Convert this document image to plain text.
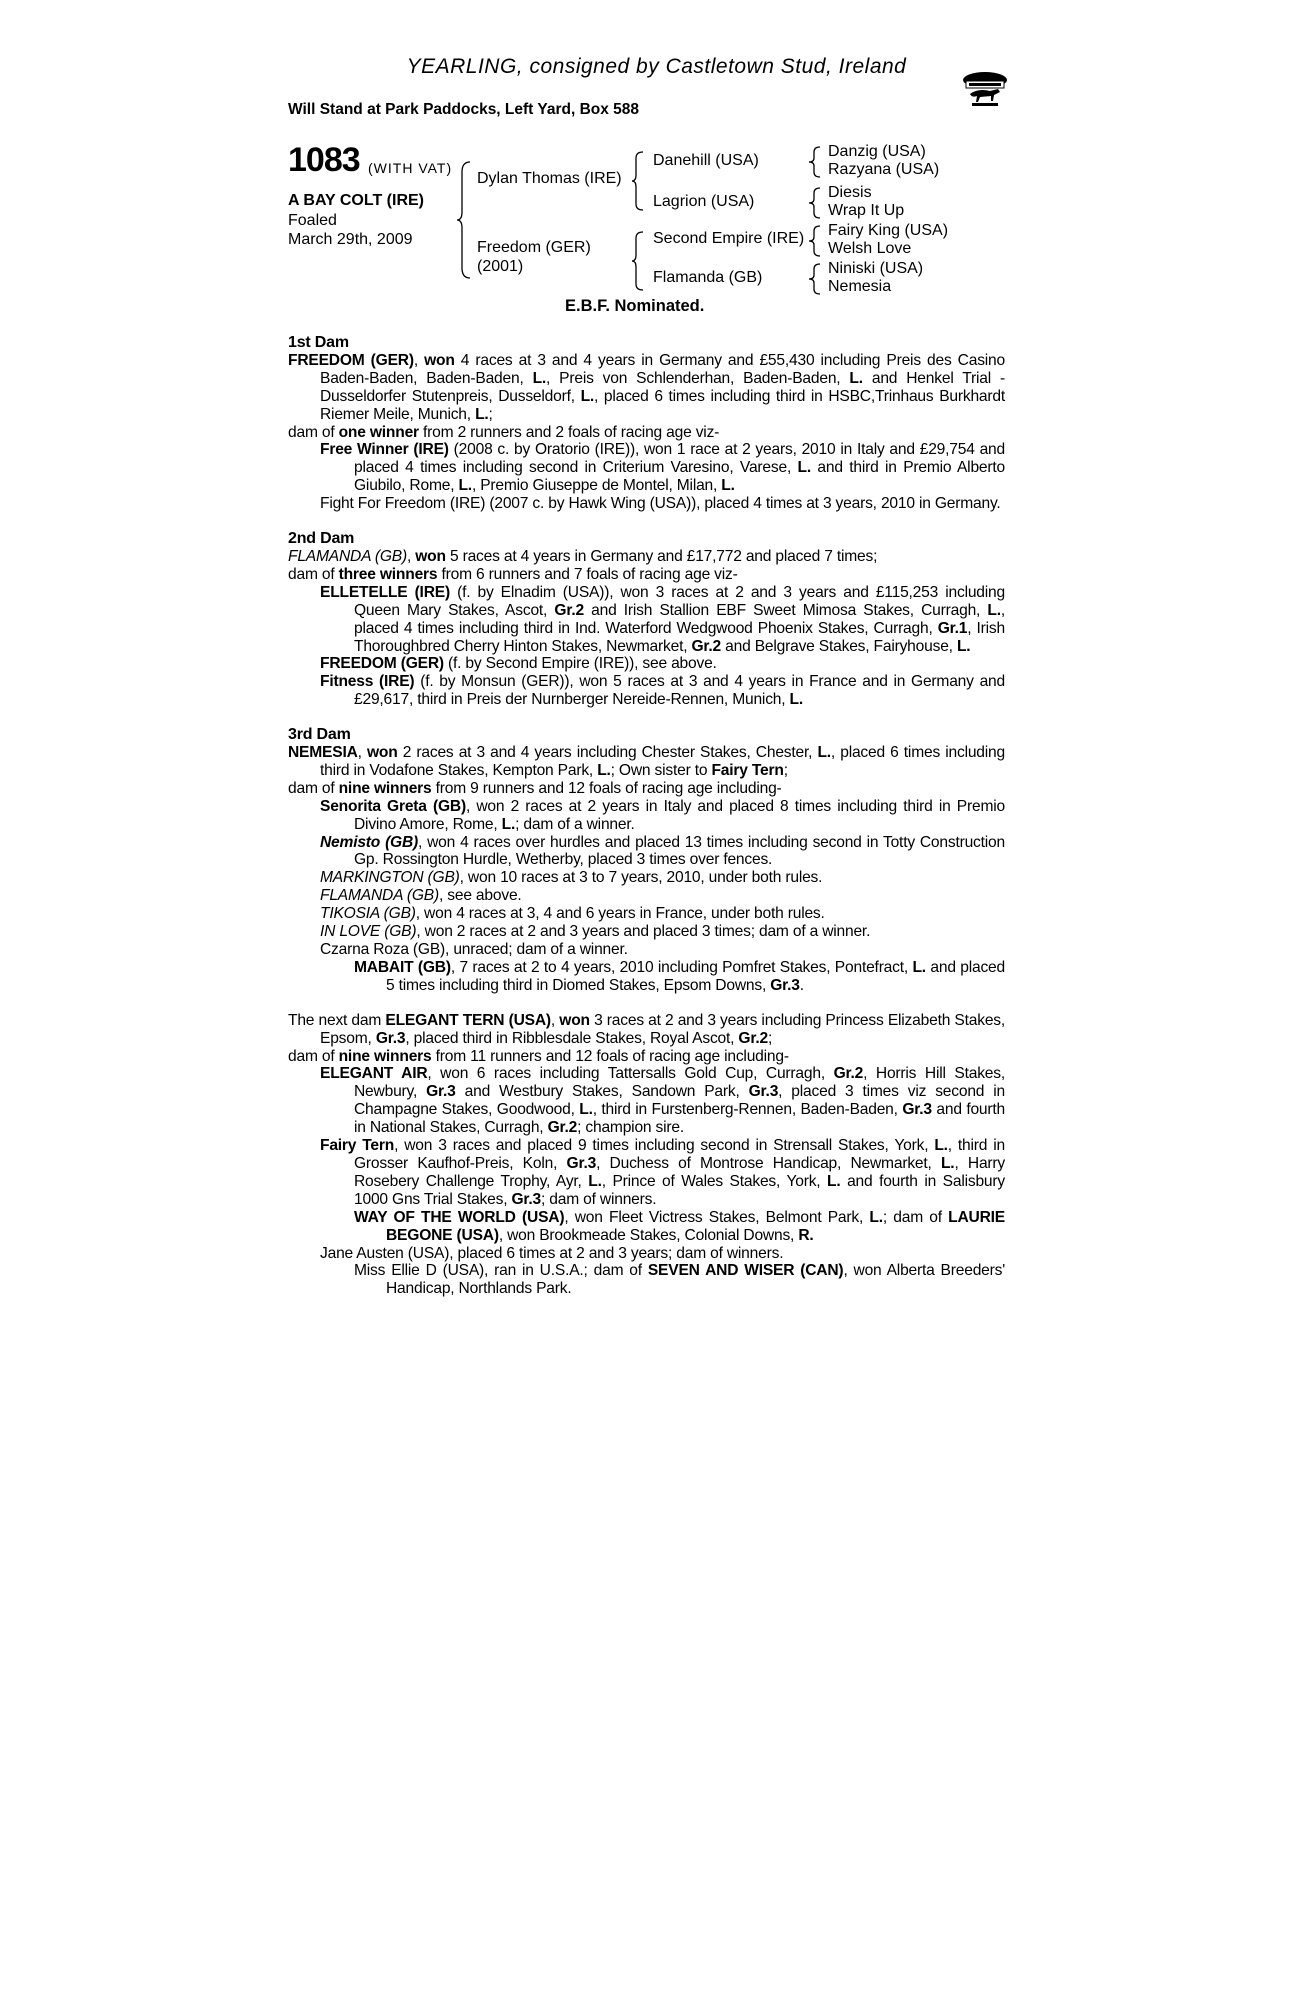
YEARLING, consigned by Castletown Stud, Ireland
Will Stand at Park Paddocks, Left Yard, Box 588
1083 (WITH VAT)
A BAY COLT (IRE)
Foaled
March 29th, 2009
Dylan Thomas (IRE)
Freedom (GER)
(2001)
Danehill (USA)
Lagrion (USA)
Second Empire (IRE)
Flamanda (GB)
Danzig (USA)
Razyana (USA)
Diesis
Wrap It Up
Fairy King (USA)
Welsh Love
Niniski (USA)
Nemesia
E.B.F. Nominated.

1st Dam

FREEDOM (GER), won 4 races at 3 and 4 years in Germany and £55,430 including Preis des Casino Baden-Baden, Baden-Baden, L., Preis von Schlenderhan, Baden-Baden, L. and Henkel Trial - Dusseldorfer Stutenpreis, Dusseldorf, L., placed 6 times including third in HSBC,Trinhaus Burkhardt Riemer Meile, Munich, L.;

dam of one winner from 2 runners and 2 foals of racing age viz-

Free Winner (IRE) (2008 c. by Oratorio (IRE)), won 1 race at 2 years, 2010 in Italy and £29,754 and placed 4 times including second in Criterium Varesino, Varese, L. and third in Premio Alberto Giubilo, Rome, L., Premio Giuseppe de Montel, Milan, L.

Fight For Freedom (IRE) (2007 c. by Hawk Wing (USA)), placed 4 times at 3 years, 2010 in Germany.

2nd Dam

FLAMANDA (GB), won 5 races at 4 years in Germany and £17,772 and placed 7 times;

dam of three winners from 6 runners and 7 foals of racing age viz-

ELLETELLE (IRE) (f. by Elnadim (USA)), won 3 races at 2 and 3 years and £115,253 including Queen Mary Stakes, Ascot, Gr.2 and Irish Stallion EBF Sweet Mimosa Stakes, Curragh, L., placed 4 times including third in Ind. Waterford Wedgwood Phoenix Stakes, Curragh, Gr.1, Irish Thoroughbred Cherry Hinton Stakes, Newmarket, Gr.2 and Belgrave Stakes, Fairyhouse, L.

FREEDOM (GER) (f. by Second Empire (IRE)), see above.

Fitness (IRE) (f. by Monsun (GER)), won 5 races at 3 and 4 years in France and in Germany and £29,617, third in Preis der Nurnberger Nereide-Rennen, Munich, L.

3rd Dam

NEMESIA, won 2 races at 3 and 4 years including Chester Stakes, Chester, L., placed 6 times including third in Vodafone Stakes, Kempton Park, L.; Own sister to Fairy Tern;

dam of nine winners from 9 runners and 12 foals of racing age including-

Senorita Greta (GB), won 2 races at 2 years in Italy and placed 8 times including third in Premio Divino Amore, Rome, L.; dam of a winner.

Nemisto (GB), won 4 races over hurdles and placed 13 times including second in Totty Construction Gp. Rossington Hurdle, Wetherby, placed 3 times over fences.

MARKINGTON (GB), won 10 races at 3 to 7 years, 2010, under both rules.

FLAMANDA (GB), see above.

TIKOSIA (GB), won 4 races at 3, 4 and 6 years in France, under both rules.

IN LOVE (GB), won 2 races at 2 and 3 years and placed 3 times; dam of a winner.

Czarna Roza (GB), unraced; dam of a winner.

MABAIT (GB), 7 races at 2 to 4 years, 2010 including Pomfret Stakes, Pontefract, L. and placed 5 times including third in Diomed Stakes, Epsom Downs, Gr.3.

The next dam ELEGANT TERN (USA), won 3 races at 2 and 3 years including Princess Elizabeth Stakes, Epsom, Gr.3, placed third in Ribblesdale Stakes, Royal Ascot, Gr.2;

dam of nine winners from 11 runners and 12 foals of racing age including-

ELEGANT AIR, won 6 races including Tattersalls Gold Cup, Curragh, Gr.2, Horris Hill Stakes, Newbury, Gr.3 and Westbury Stakes, Sandown Park, Gr.3, placed 3 times viz second in Champagne Stakes, Goodwood, L., third in Furstenberg-Rennen, Baden-Baden, Gr.3 and fourth in National Stakes, Curragh, Gr.2; champion sire.

Fairy Tern, won 3 races and placed 9 times including second in Strensall Stakes, York, L., third in Grosser Kaufhof-Preis, Koln, Gr.3, Duchess of Montrose Handicap, Newmarket, L., Harry Rosebery Challenge Trophy, Ayr, L., Prince of Wales Stakes, York, L. and fourth in Salisbury 1000 Gns Trial Stakes, Gr.3; dam of winners.

WAY OF THE WORLD (USA), won Fleet Victress Stakes, Belmont Park, L.; dam of LAURIE BEGONE (USA), won Brookmeade Stakes, Colonial Downs, R.

Jane Austen (USA), placed 6 times at 2 and 3 years; dam of winners.

Miss Ellie D (USA), ran in U.S.A.; dam of SEVEN AND WISER (CAN), won Alberta Breeders' Handicap, Northlands Park.
